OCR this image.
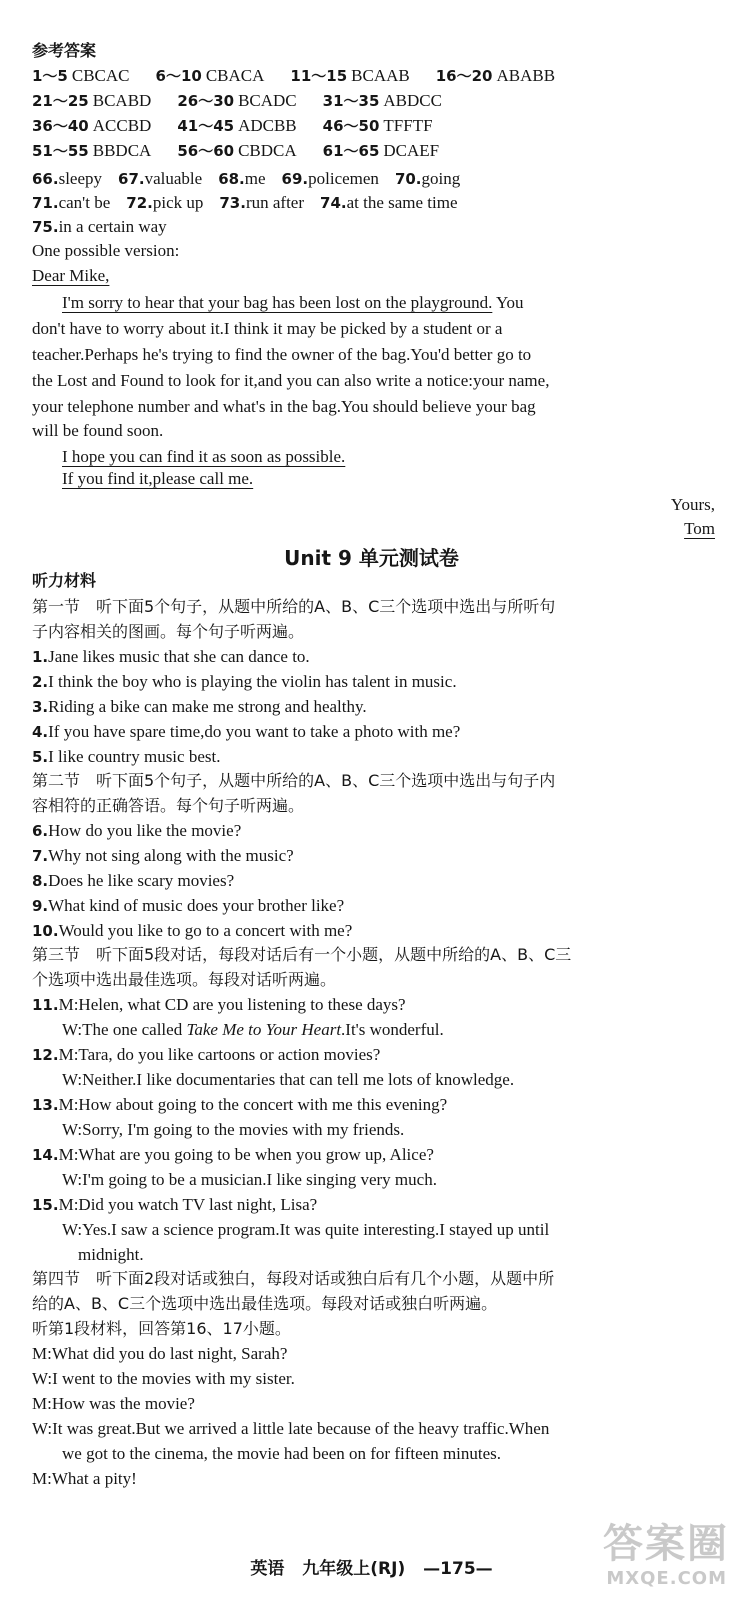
参考答案
1～5 CBCAC 6～10 CBACA 11～15 BCAAB 16～20 ABABB
21～25 BCABD 26～30 BCADC 31～35 ABDCC
36～40 ACCBD 41～45 ADCBB 46～50 TFFTF
51～55 BBDCA 56～60 CBDCA 61～65 DCAEF
66.sleepy 67.valuable 68.me 69.policemen 70.going
71.can't be 72.pick up 73.run after 74.at the same time
75.in a certain way
One possible version:
Dear Mike,
I'm sorry to hear that your bag has been lost on the playground. You
don't have to worry about it.I think it may be picked by a student or a
teacher.Perhaps he's trying to find the owner of the bag.You'd better go to
the Lost and Found to look for it,and you can also write a notice:your name,
your telephone number and what's in the bag.You should believe your bag
will be found soon.
I hope you can find it as soon as possible.
If you find it,please call me.
Yours,
Tom
Unit 9 单元测试卷
听力材料
第一节　听下面5个句子，从题中所给的A、B、C三个选项中选出与所听句
子内容相关的图画。每个句子听两遍。
1.Jane likes music that she can dance to.
2.I think the boy who is playing the violin has talent in music.
3.Riding a bike can make me strong and healthy.
4.If you have spare time,do you want to take a photo with me?
5.I like country music best.
第二节　听下面5个句子，从题中所给的A、B、C三个选项中选出与句子内
容相符的正确答语。每个句子听两遍。
6.How do you like the movie?
7.Why not sing along with the music?
8.Does he like scary movies?
9.What kind of music does your brother like?
10.Would you like to go to a concert with me?
第三节　听下面5段对话，每段对话后有一个小题，从题中所给的A、B、C三
个选项中选出最佳选项。每段对话听两遍。
11.M:Helen, what CD are you listening to these days?
W:The one called Take Me to Your Heart.It's wonderful.
12.M:Tara, do you like cartoons or action movies?
W:Neither.I like documentaries that can tell me lots of knowledge.
13.M:How about going to the concert with me this evening?
W:Sorry, I'm going to the movies with my friends.
14.M:What are you going to be when you grow up, Alice?
W:I'm going to be a musician.I like singing very much.
15.M:Did you watch TV last night, Lisa?
W:Yes.I saw a science program.It was quite interesting.I stayed up until
midnight.
第四节　听下面2段对话或独白，每段对话或独白后有几个小题，从题中所
给的A、B、C三个选项中选出最佳选项。每段对话或独白听两遍。
听第1段材料，回答第16、17小题。
M:What did you do last night, Sarah?
W:I went to the movies with my sister.
M:How was the movie?
W:It was great.But we arrived a little late because of the heavy traffic.When
we got to the cinema, the movie had been on for fifteen minutes.
M:What a pity!
英语 九年级上(RJ) —175—
答案圈
MXQE.COM
